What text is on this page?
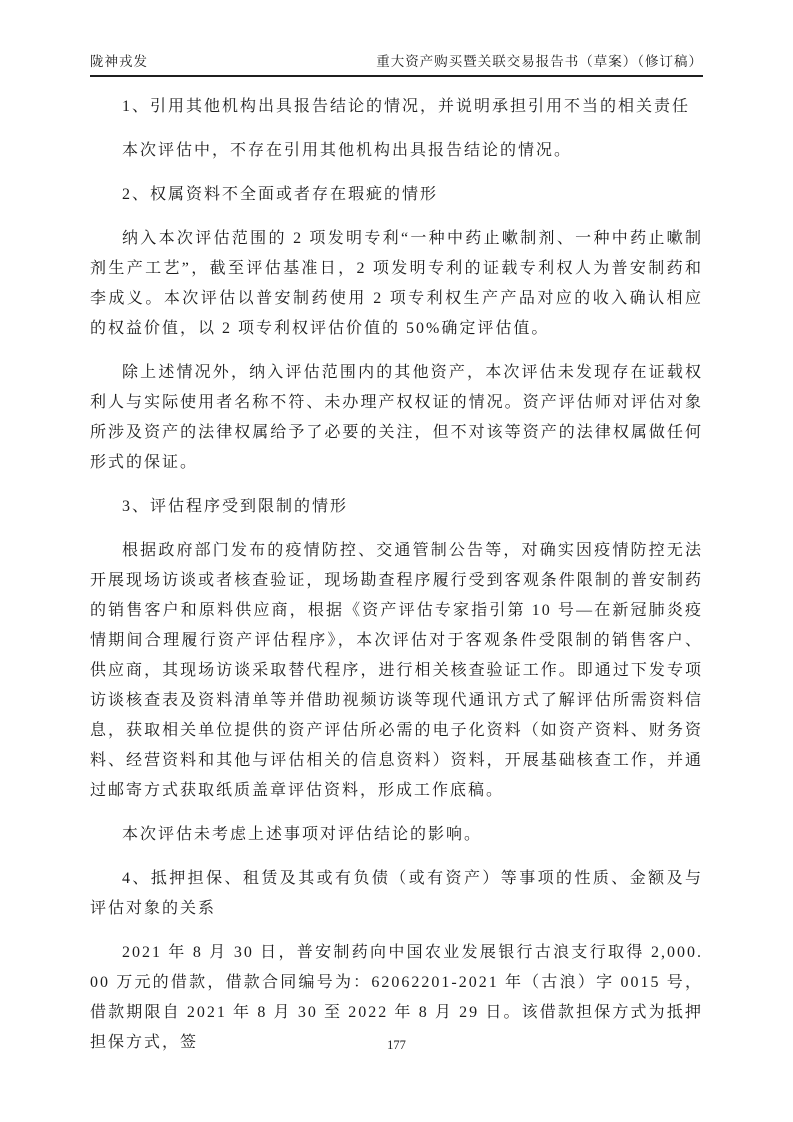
陇神戎发	重大资产购买暨关联交易报告书（草案）（修订稿）

1、引用其他机构出具报告结论的情况，并说明承担引用不当的相关责任

本次评估中，不存在引用其他机构出具报告结论的情况。

2、权属资料不全面或者存在瑕疵的情形

纳入本次评估范围的 2 项发明专利“一种中药止嗽制剂、一种中药止嗽制剂生产工艺”，截至评估基准日，2 项发明专利的证载专利权人为普安制药和李成义。本次评估以普安制药使用 2 项专利权生产产品对应的收入确认相应的权益价值，以 2 项专利权评估价值的 50%确定评估值。

除上述情况外，纳入评估范围内的其他资产，本次评估未发现存在证载权利人与实际使用者名称不符、未办理产权权证的情况。资产评估师对评估对象所涉及资产的法律权属给予了必要的关注，但不对该等资产的法律权属做任何形式的保证。

3、评估程序受到限制的情形

根据政府部门发布的疫情防控、交通管制公告等，对确实因疫情防控无法开展现场访谈或者核查验证，现场勘查程序履行受到客观条件限制的普安制药的销售客户和原料供应商，根据《资产评估专家指引第 10 号—在新冠肺炎疫情期间合理履行资产评估程序》，本次评估对于客观条件受限制的销售客户、供应商，其现场访谈采取替代程序，进行相关核查验证工作。即通过下发专项访谈核查表及资料清单等并借助视频访谈等现代通讯方式了解评估所需资料信息，获取相关单位提供的资产评估所必需的电子化资料（如资产资料、财务资料、经营资料和其他与评估相关的信息资料）资料，开展基础核查工作，并通过邮寄方式获取纸质盖章评估资料，形成工作底稿。

本次评估未考虑上述事项对评估结论的影响。

4、抵押担保、租赁及其或有负债（或有资产）等事项的性质、金额及与评估对象的关系

2021 年 8 月 30 日，普安制药向中国农业发展银行古浪支行取得 2,000.00 万元的借款，借款合同编号为：62062201-2021 年（古浪）字 0015 号，借款期限自 2021 年 8 月 30 至 2022 年 8 月 29 日。该借款担保方式为抵押担保方式，签	177
